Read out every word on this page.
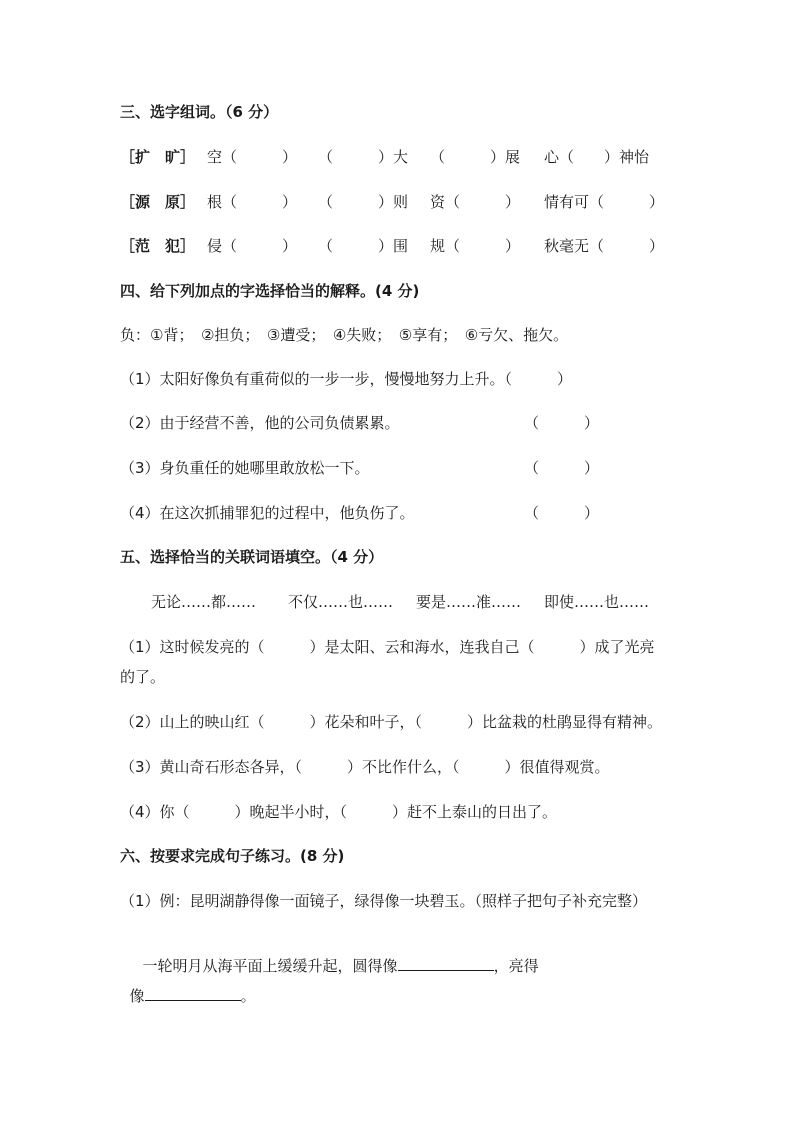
三、选字组词。（6 分）
［扩　旷］ 空（　　　） （　　　）大 （　　　）展 心（　　）神怡
［源　原］ 根（　　　） （　　　）则 资（　　　） 情有可（　　　）
［范　犯］ 侵（　　　） （　　　）围 规（　　　） 秋毫无（　　　）
四、给下列加点的字选择恰当的解释。(4 分)
负：①背；　②担负；　③遭受；　④失败；　⑤享有；　⑥亏欠、拖欠。
（1）太阳好像负有重荷似的一步一步，慢慢地努力上升。（　　　）
（2）由于经营不善，他的公司负债累累。	（　　　）
（3）身负重任的她哪里敢放松一下。	（　　　）
（4）在这次抓捕罪犯的过程中，他负伤了。	（　　　）
五、选择恰当的关联词语填空。（4 分）
无论……都…… 不仅……也…… 要是……准…… 即使……也……
（1）这时候发亮的（　　　）是太阳、云和海水，连我自己（　　　）成了光亮
的了。
（2）山上的映山红（　　　）花朵和叶子，（　　　）比盆栽的杜鹃显得有精神。
（3）黄山奇石形态各异，（　　　）不比作什么，（　　　）很值得观赏。
（4）你（　　　）晚起半小时，（　　　）赶不上泰山的日出了。
六、按要求完成句子练习。(8 分)
（1）例：昆明湖静得像一面镜子，绿得像一块碧玉。（照样子把句子补充完整）

一轮明月从海平面上缓缓升起，圆得像	，亮得

像	。
